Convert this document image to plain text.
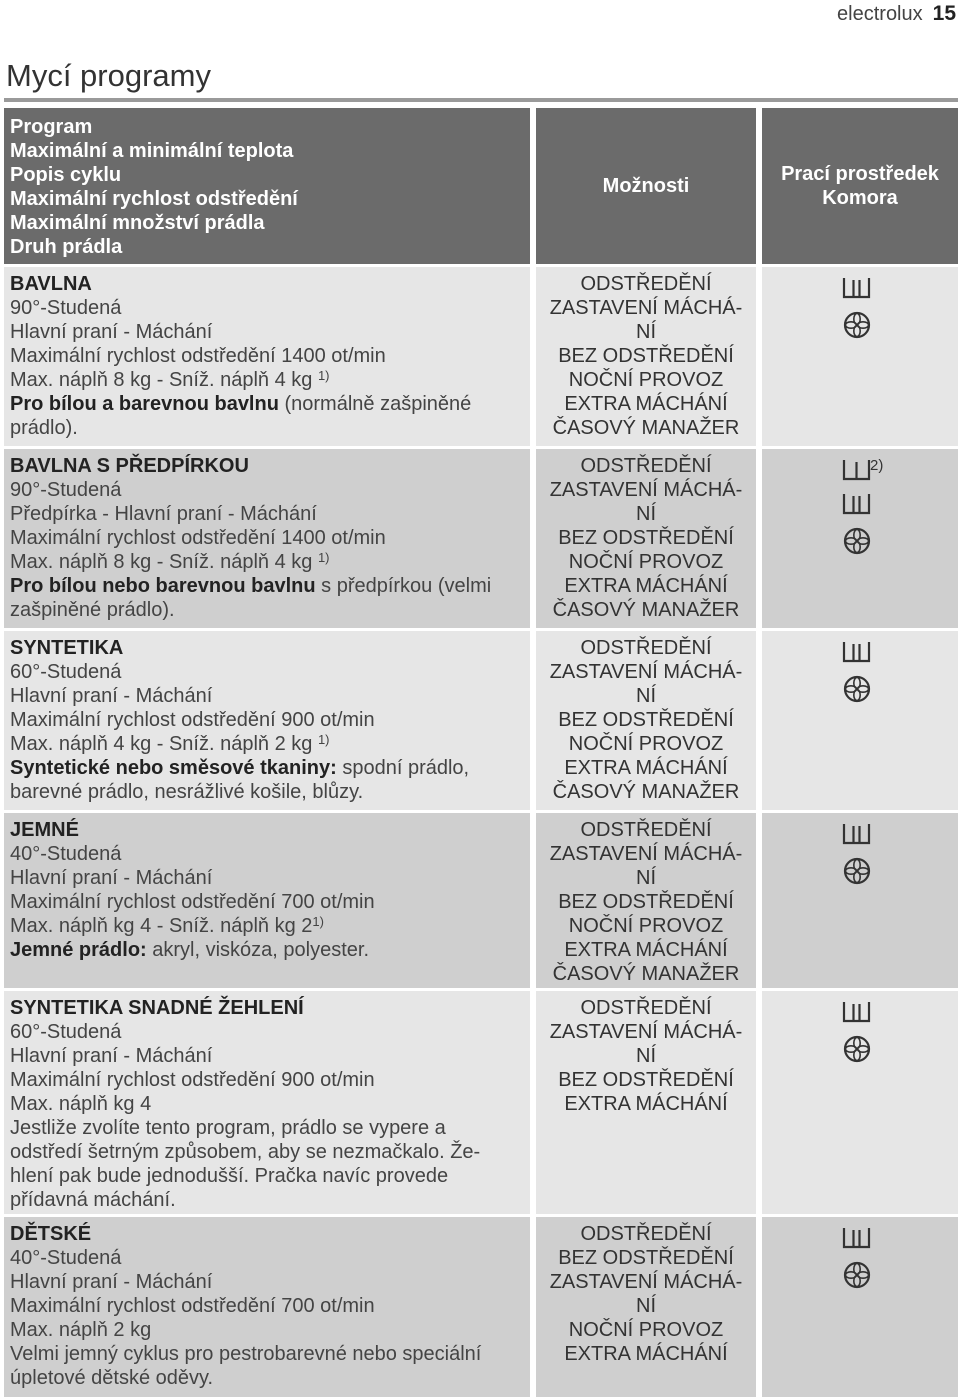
electrolux 15
Mycí programy
Program
Maximální a minimální teplota
Popis cyklu
Maximální rychlost odstředění
Maximální množství prádla
Druh prádla
Možnosti
Prací prostředek
Komora
BAVLNA
90°-Studená
Hlavní praní - Máchání
Maximální rychlost odstředění 1400 ot/min
Max. náplň 8 kg - Sníž. náplň 4 kg $^{1)}$
Pro bílou a barevnou bavlnu (normálně zašpiněné prádlo).
ODSTŘEDĚNÍ
ZASTAVENÍ MÁCHÁ-
NÍ
BEZ ODSTŘEDĚNÍ
NOČNÍ PROVOZ
EXTRA MÁCHÁNÍ
ČASOVÝ MANAŽER
BAVLNA S PŘEDPÍRKOU
90°-Studená
Předpírka - Hlavní praní - Máchání
Maximální rychlost odstředění 1400 ot/min
Max. náplň 8 kg - Sníž. náplň 4 kg $^{1)}$
Pro bílou nebo barevnou bavlnu s předpírkou (velmi zašpiněné prádlo).
ODSTŘEDĚNÍ
ZASTAVENÍ MÁCHÁ-
NÍ
BEZ ODSTŘEDĚNÍ
NOČNÍ PROVOZ
EXTRA MÁCHÁNÍ
ČASOVÝ MANAŽER
2)
SYNTETIKA
60°-Studená
Hlavní praní - Máchání
Maximální rychlost odstředění 900 ot/min
Max. náplň 4 kg - Sníž. náplň 2 kg $^{1)}$
Syntetické nebo směsové tkaniny: spodní prádlo, barevné prádlo, nesrážlivé košile, blůzy.
ODSTŘEDĚNÍ
ZASTAVENÍ MÁCHÁ-
NÍ
BEZ ODSTŘEDĚNÍ
NOČNÍ PROVOZ
EXTRA MÁCHÁNÍ
ČASOVÝ MANAŽER
JEMNÉ
40°-Studená
Hlavní praní - Máchání
Maximální rychlost odstředění 700 ot/min
Max. náplň kg 4 - Sníž. náplň kg 2$^{1)}$
Jemné prádlo: akryl, viskóza, polyester.
ODSTŘEDĚNÍ
ZASTAVENÍ MÁCHÁ-
NÍ
BEZ ODSTŘEDĚNÍ
NOČNÍ PROVOZ
EXTRA MÁCHÁNÍ
ČASOVÝ MANAŽER
SYNTETIKA SNADNÉ ŽEHLENÍ
60°-Studená
Hlavní praní - Máchání
Maximální rychlost odstředění 900 ot/min
Max. náplň kg 4
Jestliže zvolíte tento program, prádlo se vypere a odstředí šetrným způsobem, aby se nezmačkalo. Že-hlení pak bude jednodušší. Pračka navíc provede přídavná máchání.
ODSTŘEDĚNÍ
ZASTAVENÍ MÁCHÁ-
NÍ
BEZ ODSTŘEDĚNÍ
EXTRA MÁCHÁNÍ
DĚTSKÉ
40°-Studená
Hlavní praní - Máchání
Maximální rychlost odstředění 700 ot/min
Max. náplň 2 kg
Velmi jemný cyklus pro pestrobarevné nebo speciální úpletové dětské oděvy.
ODSTŘEDĚNÍ
BEZ ODSTŘEDĚNÍ
ZASTAVENÍ MÁCHÁ-
NÍ
NOČNÍ PROVOZ
EXTRA MÁCHÁNÍ
